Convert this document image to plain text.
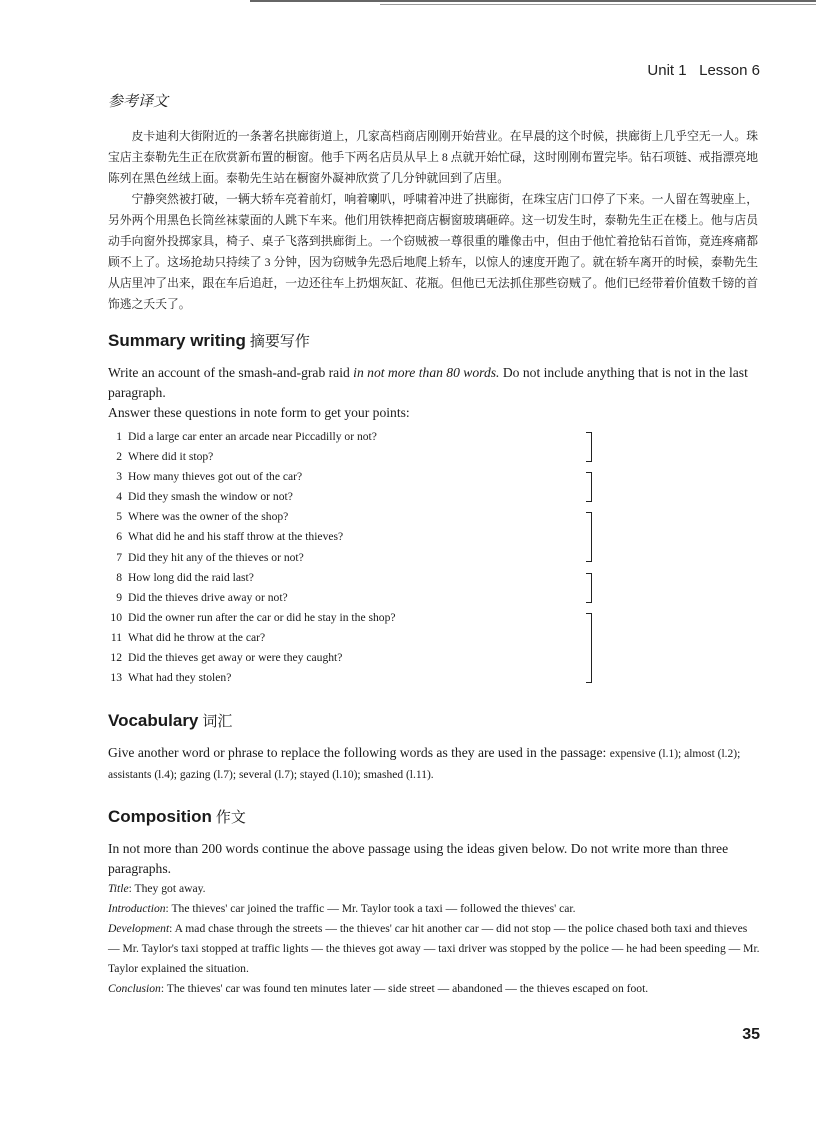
Unit 1 Lesson 6
参考译文

皮卡迪利大街附近的一条著名拱廊街道上，几家高档商店刚刚开始营业。在早晨的这个时候，拱廊街上几乎空无一人。珠宝店主泰勒先生正在欣赏新布置的橱窗。他手下两名店员从早上 8 点就开始忙碌，这时刚刚布置完毕。钻石项链、戒指漂亮地陈列在黑色丝绒上面。泰勒先生站在橱窗外凝神欣赏了几分钟就回到了店里。

宁静突然被打破，一辆大轿车亮着前灯，响着喇叭，呼啸着冲进了拱廊街，在珠宝店门口停了下来。一人留在驾驶座上，另外两个用黑色长筒丝袜蒙面的人跳下车来。他们用铁棒把商店橱窗玻璃砸碎。这一切发生时，泰勒先生正在楼上。他与店员动手向窗外投掷家具，椅子、桌子飞落到拱廊街上。一个窃贼被一尊很重的雕像击中，但由于他忙着抢钻石首饰，竟连疼痛都顾不上了。这场抢劫只持续了 3 分钟，因为窃贼争先恐后地爬上轿车，以惊人的速度开跑了。就在轿车离开的时候，泰勒先生从店里冲了出来，跟在车后追赶，一边还往车上扔烟灰缸、花瓶。但他已无法抓住那些窃贼了。他们已经带着价值数千镑的首饰逃之夭夭了。

Summary writing 摘要写作

Write an account of the smash-and-grab raid in not more than 80 words. Do not include anything that is not in the last paragraph.

Answer these questions in note form to get your points:

1 Did a large car enter an arcade near Piccadilly or not?
2 Where did it stop?
3 How many thieves got out of the car?
4 Did they smash the window or not?
5 Where was the owner of the shop?
6 What did he and his staff throw at the thieves?
7 Did they hit any of the thieves or not?
8 How long did the raid last?
9 Did the thieves drive away or not?
10 Did the owner run after the car or did he stay in the shop?
11 What did he throw at the car?
12 Did the thieves get away or were they caught?
13 What had they stolen?
Vocabulary 词汇

Give another word or phrase to replace the following words as they are used in the passage: expensive (l.1); almost (l.2); assistants (l.4); gazing (l.7); several (l.7); stayed (l.10); smashed (l.11).

Composition 作文

In not more than 200 words continue the above passage using the ideas given below. Do not write more than three paragraphs.

Title: They got away.

Introduction: The thieves' car joined the traffic — Mr. Taylor took a taxi — followed the thieves' car.

Development: A mad chase through the streets — the thieves' car hit another car — did not stop — the police chased both taxi and thieves — Mr. Taylor's taxi stopped at traffic lights — the thieves got away — taxi driver was stopped by the police — he had been speeding — Mr. Taylor explained the situation.

Conclusion: The thieves' car was found ten minutes later — side street — abandoned — the thieves escaped on foot.

35
